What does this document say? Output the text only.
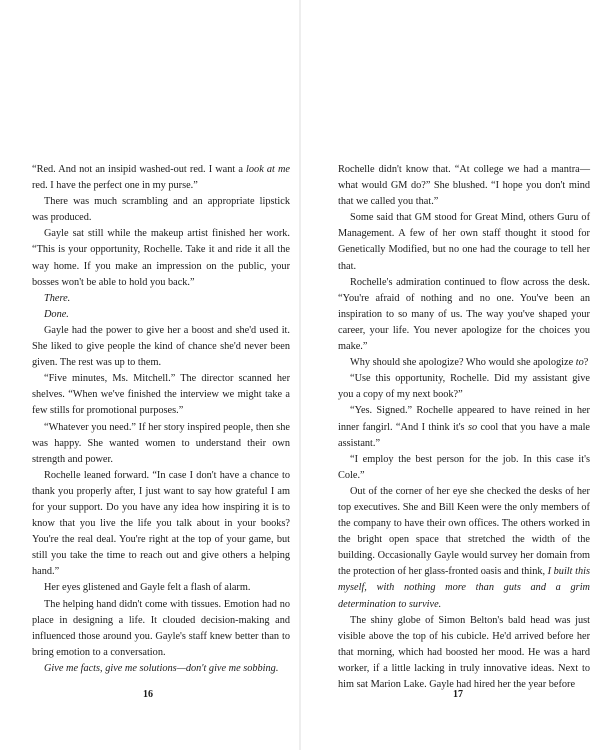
“Red. And not an insipid washed-out red. I want a look at me red. I have the perfect one in my purse.”

There was much scrambling and an appropriate lipstick was produced.

Gayle sat still while the makeup artist finished her work. “This is your opportunity, Rochelle. Take it and ride it all the way home. If you make an impression on the public, your bosses won't be able to hold you back.”

There.

Done.

Gayle had the power to give her a boost and she'd used it. She liked to give people the kind of chance she'd never been given. The rest was up to them.

“Five minutes, Ms. Mitchell.” The director scanned her shelves. “When we've finished the interview we might take a few stills for promotional purposes.”

“Whatever you need.” If her story inspired people, then she was happy. She wanted women to understand their own strength and power.

Rochelle leaned forward. “In case I don't have a chance to thank you properly after, I just want to say how grateful I am for your support. Do you have any idea how inspiring it is to know that you live the life you talk about in your books? You're the real deal. You're right at the top of your game, but still you take the time to reach out and give others a helping hand.”

Her eyes glistened and Gayle felt a flash of alarm.

The helping hand didn't come with tissues. Emotion had no place in designing a life. It clouded decision-making and influenced those around you. Gayle's staff knew better than to bring emotion to a conversation.

Give me facts, give me solutions—don't give me sobbing.

16

Rochelle didn't know that. “At college we had a mantra—what would GM do?” She blushed. “I hope you don't mind that we called you that.”

Some said that GM stood for Great Mind, others Guru of Management. A few of her own staff thought it stood for Genetically Modified, but no one had the courage to tell her that.

Rochelle's admiration continued to flow across the desk. “You're afraid of nothing and no one. You've been an inspiration to so many of us. The way you've shaped your career, your life. You never apologize for the choices you make.”

Why should she apologize? Who would she apologize to?

“Use this opportunity, Rochelle. Did my assistant give you a copy of my next book?”

“Yes. Signed.” Rochelle appeared to have reined in her inner fangirl. “And I think it's so cool that you have a male assistant.”

“I employ the best person for the job. In this case it's Cole.”

Out of the corner of her eye she checked the desks of her top executives. She and Bill Keen were the only members of the company to have their own offices. The others worked in the bright open space that stretched the width of the building. Occasionally Gayle would survey her domain from the protection of her glass-fronted oasis and think, I built this myself, with nothing more than guts and a grim determination to survive.

The shiny globe of Simon Belton's bald head was just visible above the top of his cubicle. He'd arrived before her that morning, which had boosted her mood. He was a hard worker, if a little lacking in truly innovative ideas. Next to him sat Marion Lake. Gayle had hired her the year before

17
